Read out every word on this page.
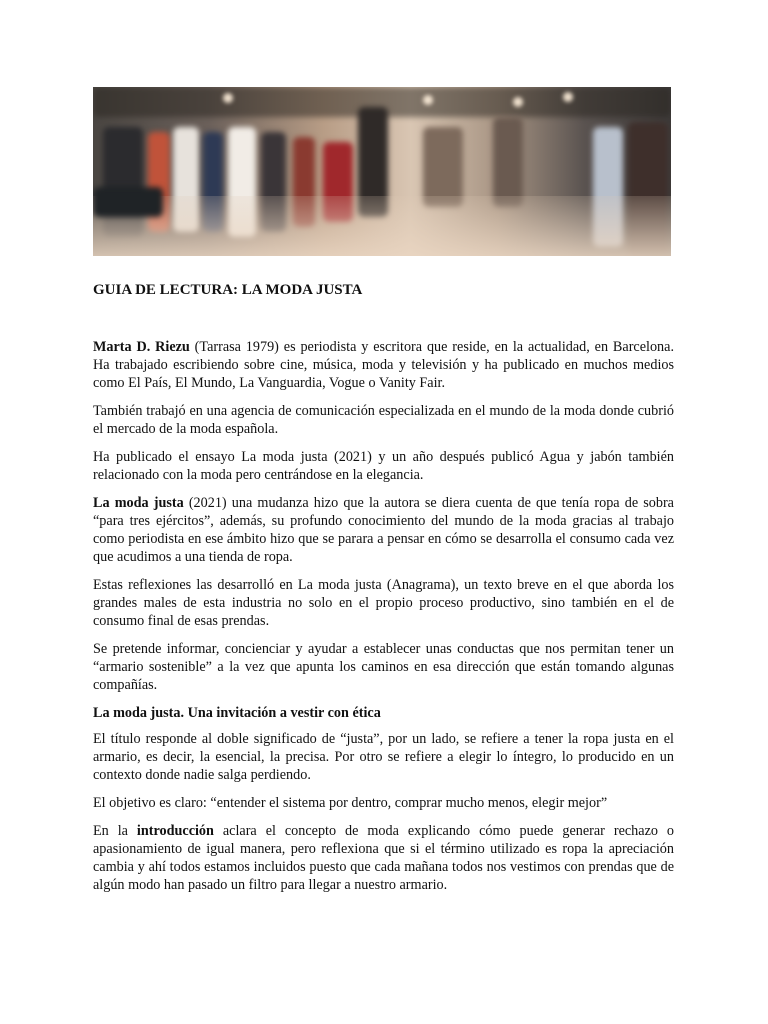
GUIA DE LECTURA: LA MODA JUSTA

Marta D. Riezu (Tarrasa 1979) es periodista y escritora que reside, en la actualidad, en Barcelona. Ha trabajado escribiendo sobre cine, música, moda y televisión y ha publicado en muchos medios como El País, El Mundo, La Vanguardia, Vogue o Vanity Fair.

También trabajó en una agencia de comunicación especializada en el mundo de la moda donde cubrió el mercado de la moda española.

Ha publicado el ensayo La moda justa (2021) y un año después publicó Agua y jabón también relacionado con la moda pero centrándose en la elegancia.

La moda justa (2021) una mudanza hizo que la autora se diera cuenta de que tenía ropa de sobra “para tres ejércitos”, además, su profundo conocimiento del mundo de la moda gracias al trabajo como periodista en ese ámbito hizo que se parara a pensar en cómo se desarrolla el consumo cada vez que acudimos a una tienda de ropa.

Estas reflexiones las desarrolló en La moda justa (Anagrama), un texto breve en el que aborda los grandes males de esta industria no solo en el propio proceso productivo, sino también en el de consumo final de esas prendas.

Se pretende informar, concienciar y ayudar a establecer unas conductas que nos permitan tener un “armario sostenible” a la vez que apunta los caminos en esa dirección que están tomando algunas compañías.

La moda justa. Una invitación a vestir con ética

El título responde al doble significado de “justa”, por un lado, se refiere a tener la ropa justa en el armario, es decir, la esencial, la precisa. Por otro se refiere a elegir lo íntegro, lo producido en un contexto donde nadie salga perdiendo.

El objetivo es claro: “entender el sistema por dentro, comprar mucho menos, elegir mejor”

En la introducción aclara el concepto de moda explicando cómo puede generar rechazo o apasionamiento de igual manera, pero reflexiona que si el término utilizado es ropa la apreciación cambia y ahí todos estamos incluidos puesto que cada mañana todos nos vestimos con prendas que de algún modo han pasado un filtro para llegar a nuestro armario.
